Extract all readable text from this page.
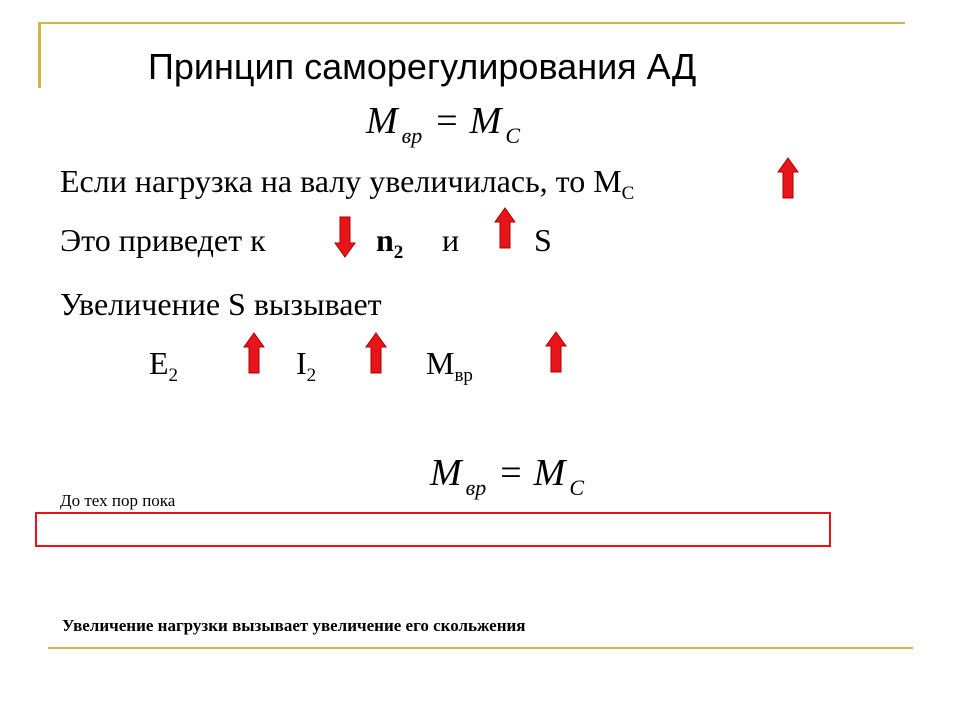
Принцип саморегулирования АД
M $_{вр}$ = M $_C$
Если нагрузка на валу увеличилась, то $М_С$
Это приведет к	$n_2$ и S
Увеличение S вызывает
$E_2$	$I_2$	$M_{вр}$
M $_{вр}$ = M $_C$
До тех пор пока
Увеличение нагрузки вызывает увеличение его скольжения
